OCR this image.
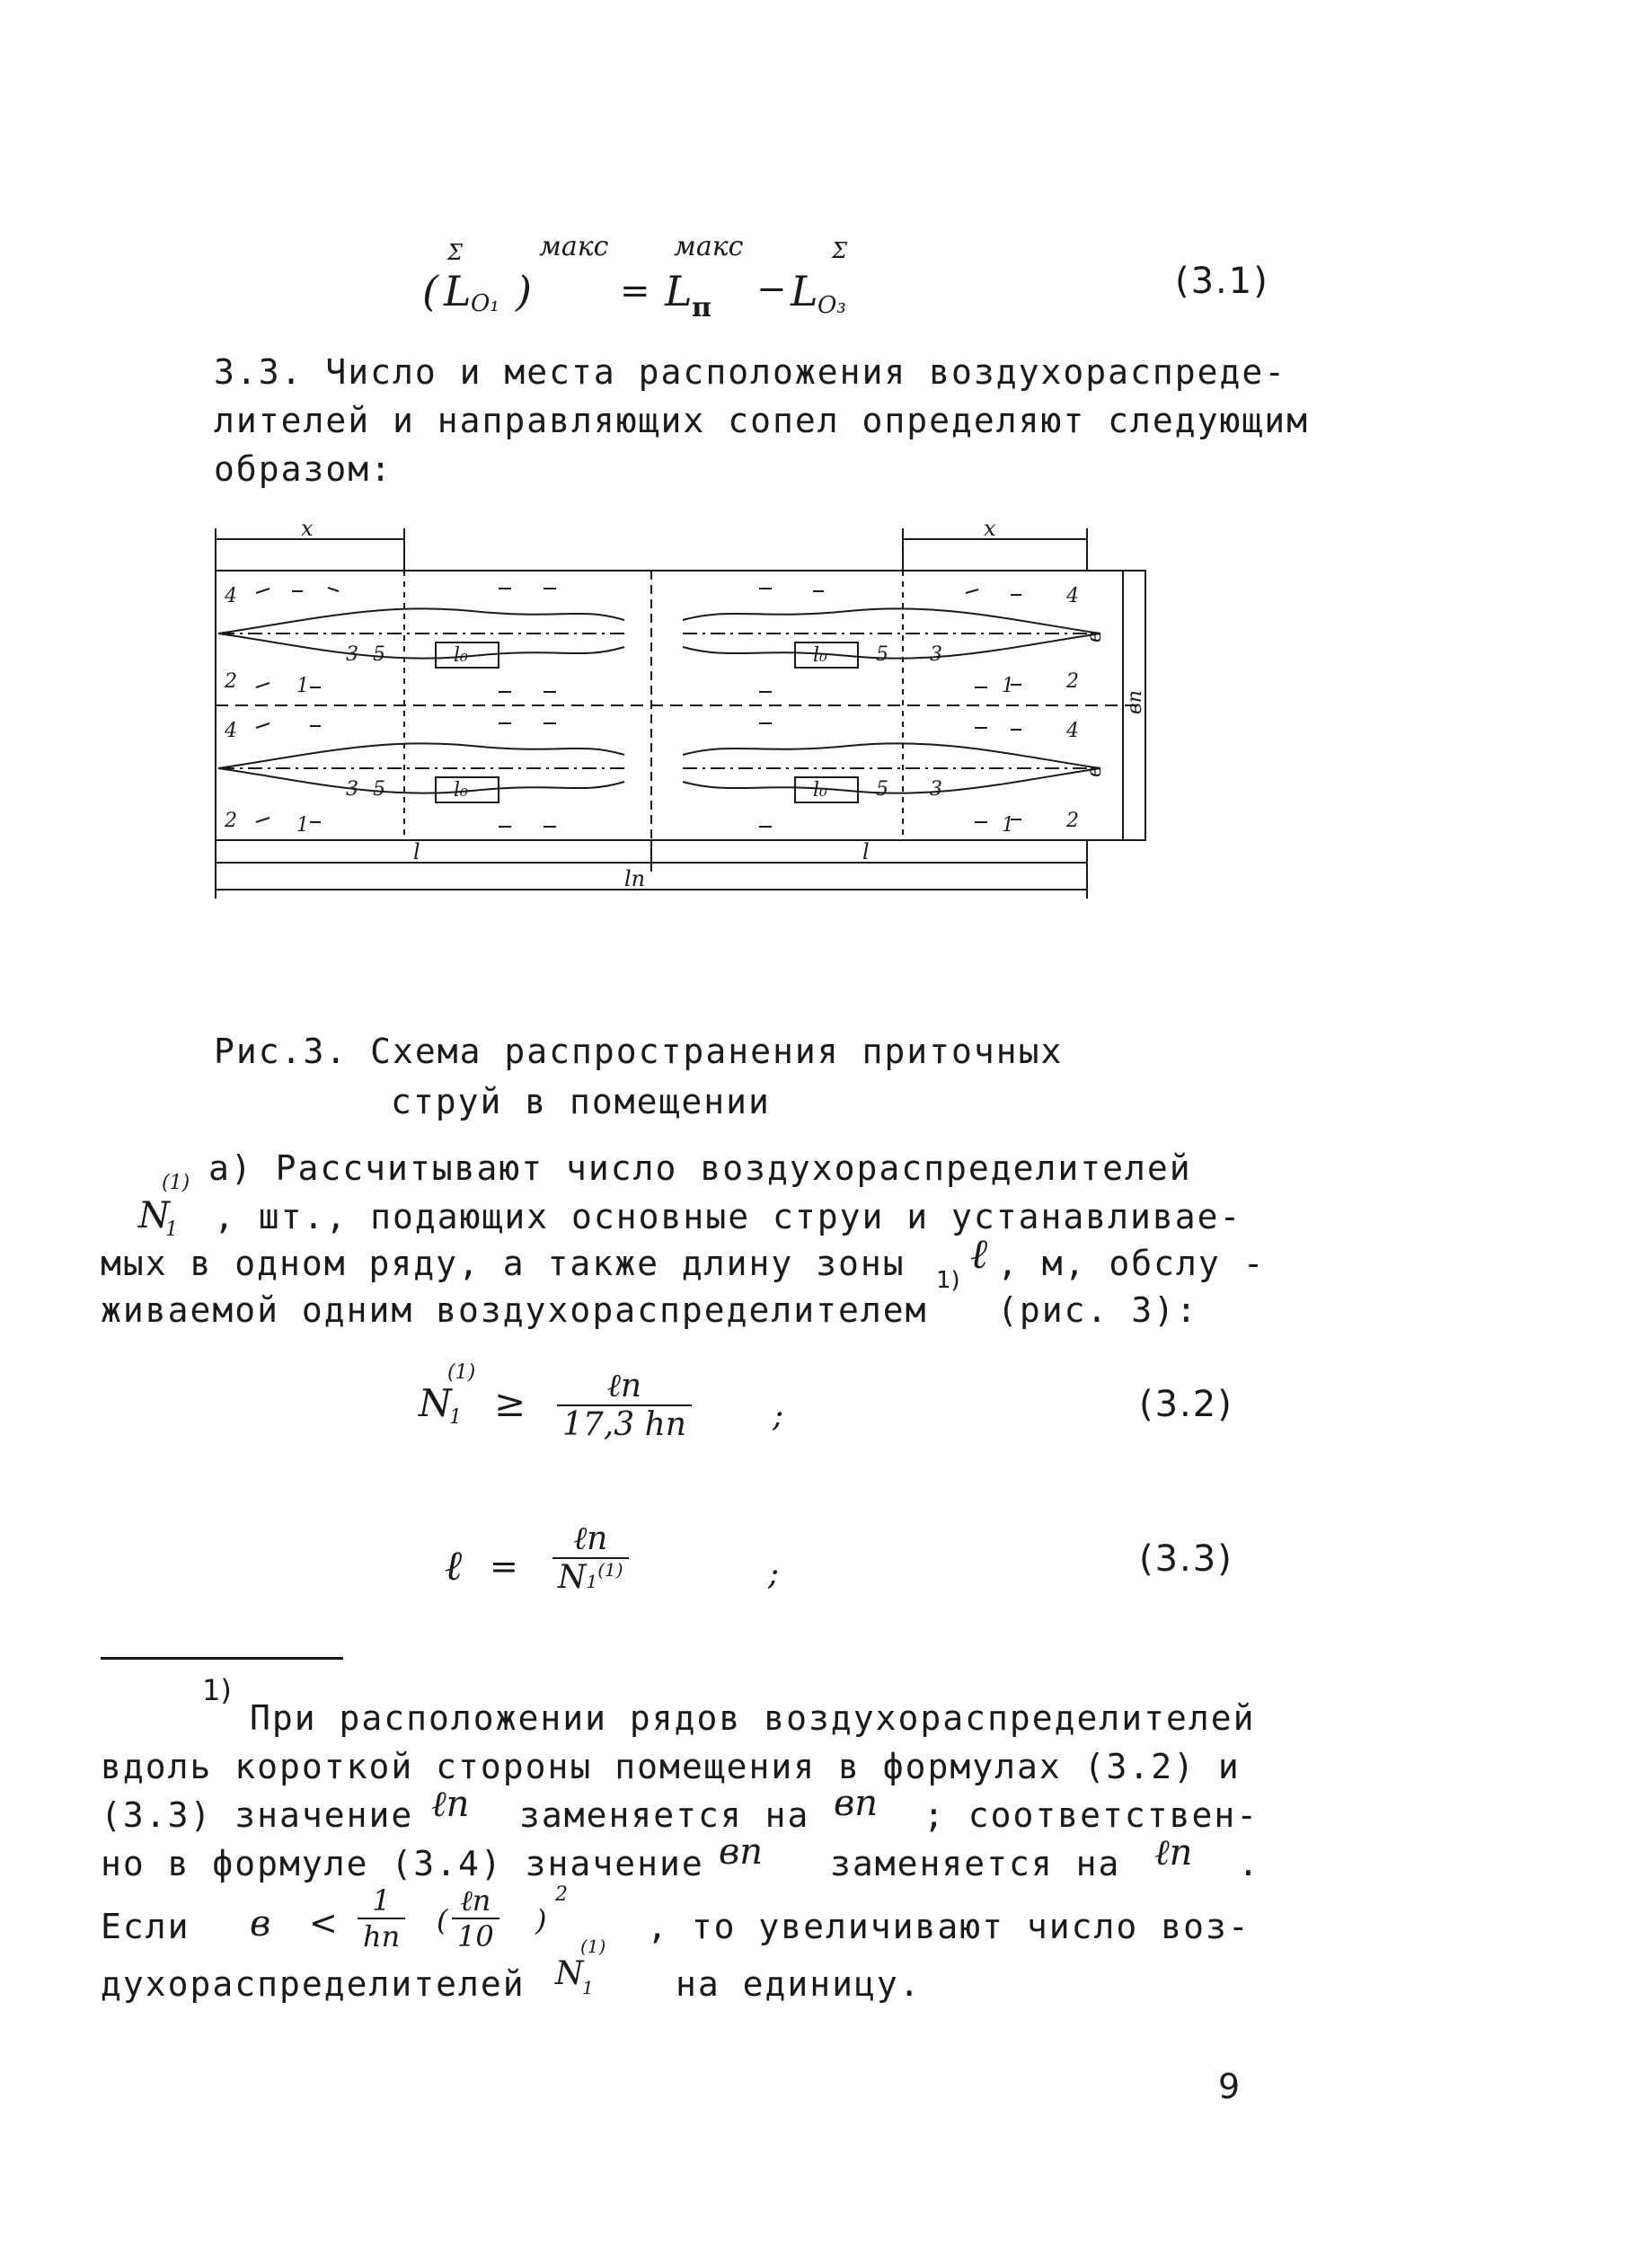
( L
Σ
O₁ )
макс
= L п
макс
− L
Σ
O₃
(3.1)
3.3. Число и места расположения воздухораспреде-
лителей и направляющих сопел определяют следующим
образом:
x	x
4	4
4	4
2	2
2	2
3	3
3	3
5	5
5	5
1	1
1	1
l₀	l₀
l₀	l₀
в
в
вп
l	l
lп
Рис.3. Схема распространения приточных
струй в помещении
N
1
(1) а) Рассчитывают число воздухораспределителей
, шт., подающих основные струи и устанавливае-
мых в одном ряду, а также длину зоны ℓ , м, обслу -
живаемой одним воздухораспределителем
1)
(рис. 3):
N
1
(1)
≥	ℓп
17,3 hп	;	(3.2)
ℓ =
ℓп
N1$^{(1)}$	;	(3.3)
1)
При расположении рядов воздухораспределителей
вдоль короткой стороны помещения в формулах (3.2) и
(3.3) значение ℓп заменяется на вп ; соответствен-
но в формуле (3.4) значение вп заменяется на ℓп .
Если в <
1
hп (
ℓп
10 )
2
, то увеличивают число воз-
духораспределителей N
1
(1)
на единицу.
9
